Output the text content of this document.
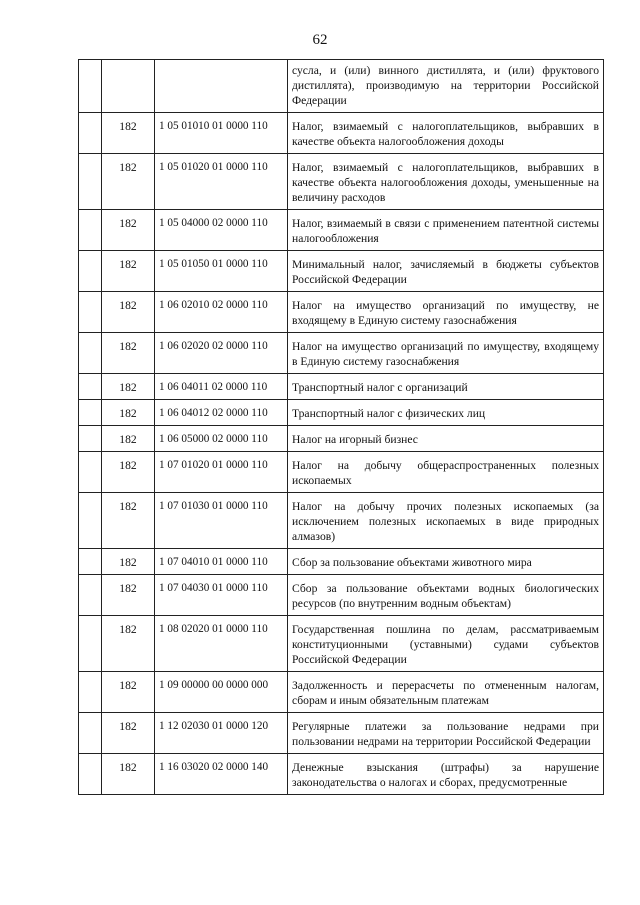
62
			сусла, и (или) винного дистиллята, и (или) фруктового дистиллята), производимую на территории Российской Федерации
	182	1 05 01010 01 0000 110	Налог, взимаемый с налогоплательщиков, выбравших в качестве объекта налогообложения доходы
	182	1 05 01020 01 0000 110	Налог, взимаемый с налогоплательщиков, выбравших в качестве объекта налогообложения доходы, уменьшенные на величину расходов
	182	1 05 04000 02 0000 110	Налог, взимаемый в связи с применением патентной системы налогообложения
	182	1 05 01050 01 0000 110	Минимальный налог, зачисляемый в бюджеты субъектов Российской Федерации
	182	1 06 02010 02 0000 110	Налог на имущество организаций по имуществу, не входящему в Единую систему газоснабжения
	182	1 06 02020 02 0000 110	Налог на имущество организаций по имуществу, входящему в Единую систему газоснабжения
	182	1 06 04011 02 0000 110	Транспортный налог с организаций
	182	1 06 04012 02 0000 110	Транспортный налог с физических лиц
	182	1 06 05000 02 0000 110	Налог на игорный бизнес
	182	1 07 01020 01 0000 110	Налог на добычу общераспространенных полезных ископаемых
	182	1 07 01030 01 0000 110	Налог на добычу прочих полезных ископаемых (за исключением полезных ископаемых в виде природных алмазов)
	182	1 07 04010 01 0000 110	Сбор за пользование объектами животного мира
	182	1 07 04030 01 0000 110	Сбор за пользование объектами водных биологических ресурсов (по внутренним водным объектам)
	182	1 08 02020 01 0000 110	Государственная пошлина по делам, рассматриваемым конституционными (уставными) судами субъектов Российской Федерации
	182	1 09 00000 00 0000 000	Задолженность и перерасчеты по отмененным налогам, сборам и иным обязательным платежам
	182	1 12 02030 01 0000 120	Регулярные платежи за пользование недрами при пользовании недрами на территории Российской Федерации
	182	1 16 03020 02 0000 140	Денежные взыскания (штрафы) за нарушение законодательства о налогах и сборах, предусмотренные
